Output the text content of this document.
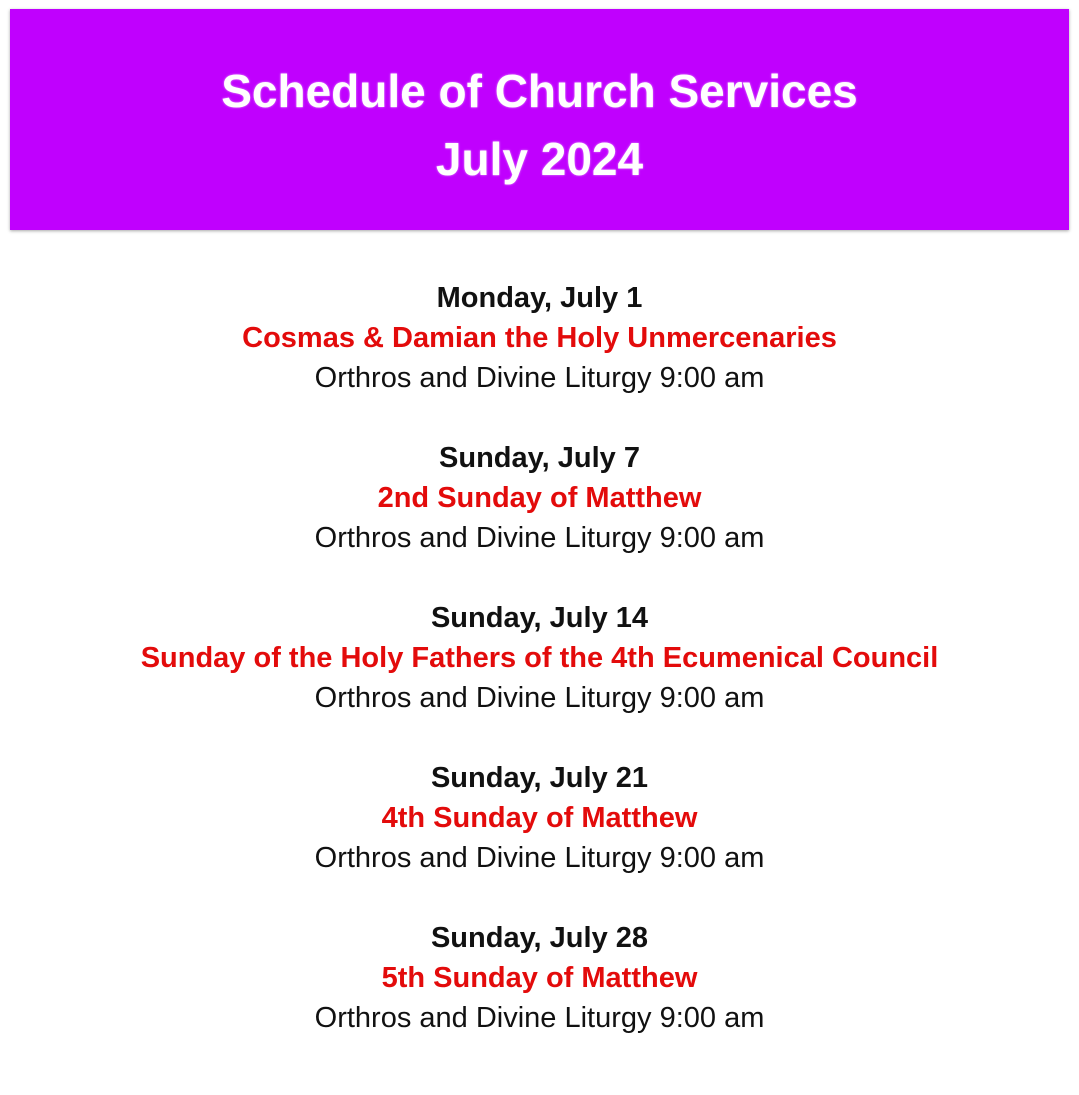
Schedule of Church Services
July 2024
Monday, July 1
Cosmas & Damian the Holy Unmercenaries
Orthros and Divine Liturgy 9:00 am
Sunday, July 7
2nd Sunday of Matthew
Orthros and Divine Liturgy 9:00 am
Sunday, July 14
Sunday of the Holy Fathers of the 4th Ecumenical Council
Orthros and Divine Liturgy 9:00 am
Sunday, July 21
4th Sunday of Matthew
Orthros and Divine Liturgy 9:00 am
Sunday, July 28
5th Sunday of Matthew
Orthros and Divine Liturgy 9:00 am
